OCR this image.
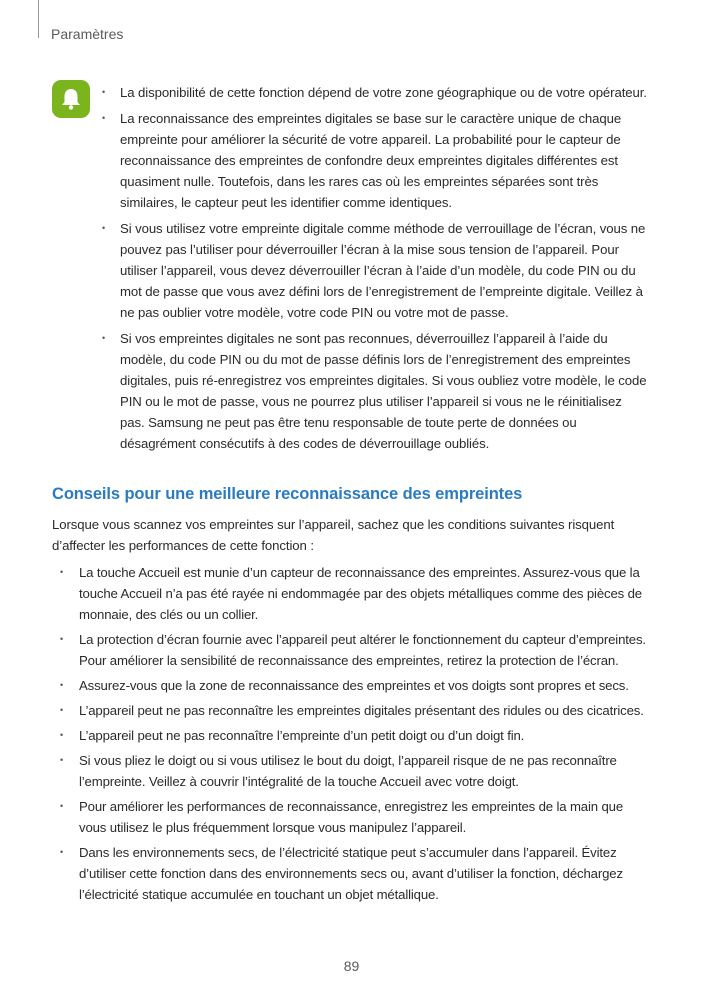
Paramètres
• La disponibilité de cette fonction dépend de votre zone géographique ou de votre opérateur.
• La reconnaissance des empreintes digitales se base sur le caractère unique de chaque empreinte pour améliorer la sécurité de votre appareil. La probabilité pour le capteur de reconnaissance des empreintes de confondre deux empreintes digitales différentes est quasiment nulle. Toutefois, dans les rares cas où les empreintes séparées sont très similaires, le capteur peut les identifier comme identiques.
• Si vous utilisez votre empreinte digitale comme méthode de verrouillage de l’écran, vous ne pouvez pas l’utiliser pour déverrouiller l’écran à la mise sous tension de l’appareil. Pour utiliser l’appareil, vous devez déverrouiller l’écran à l’aide d’un modèle, du code PIN ou du mot de passe que vous avez défini lors de l’enregistrement de l’empreinte digitale. Veillez à ne pas oublier votre modèle, votre code PIN ou votre mot de passe.
• Si vos empreintes digitales ne sont pas reconnues, déverrouillez l’appareil à l’aide du modèle, du code PIN ou du mot de passe définis lors de l’enregistrement des empreintes digitales, puis ré-enregistrez vos empreintes digitales. Si vous oubliez votre modèle, le code PIN ou le mot de passe, vous ne pourrez plus utiliser l’appareil si vous ne le réinitialisez pas. Samsung ne peut pas être tenu responsable de toute perte de données ou désagrément consécutifs à des codes de déverrouillage oubliés.
Conseils pour une meilleure reconnaissance des empreintes

Lorsque vous scannez vos empreintes sur l’appareil, sachez que les conditions suivantes risquent d’affecter les performances de cette fonction :

• La touche Accueil est munie d’un capteur de reconnaissance des empreintes. Assurez-vous que la touche Accueil n’a pas été rayée ni endommagée par des objets métalliques comme des pièces de monnaie, des clés ou un collier.
• La protection d’écran fournie avec l’appareil peut altérer le fonctionnement du capteur d’empreintes. Pour améliorer la sensibilité de reconnaissance des empreintes, retirez la protection de l’écran.
• Assurez-vous que la zone de reconnaissance des empreintes et vos doigts sont propres et secs.
• L’appareil peut ne pas reconnaître les empreintes digitales présentant des ridules ou des cicatrices.
• L’appareil peut ne pas reconnaître l’empreinte d’un petit doigt ou d’un doigt fin.
• Si vous pliez le doigt ou si vous utilisez le bout du doigt, l’appareil risque de ne pas reconnaître l’empreinte. Veillez à couvrir l’intégralité de la touche Accueil avec votre doigt.
• Pour améliorer les performances de reconnaissance, enregistrez les empreintes de la main que vous utilisez le plus fréquemment lorsque vous manipulez l’appareil.
• Dans les environnements secs, de l’électricité statique peut s’accumuler dans l’appareil. Évitez d’utiliser cette fonction dans des environnements secs ou, avant d’utiliser la fonction, déchargez l’électricité statique accumulée en touchant un objet métallique.
89
